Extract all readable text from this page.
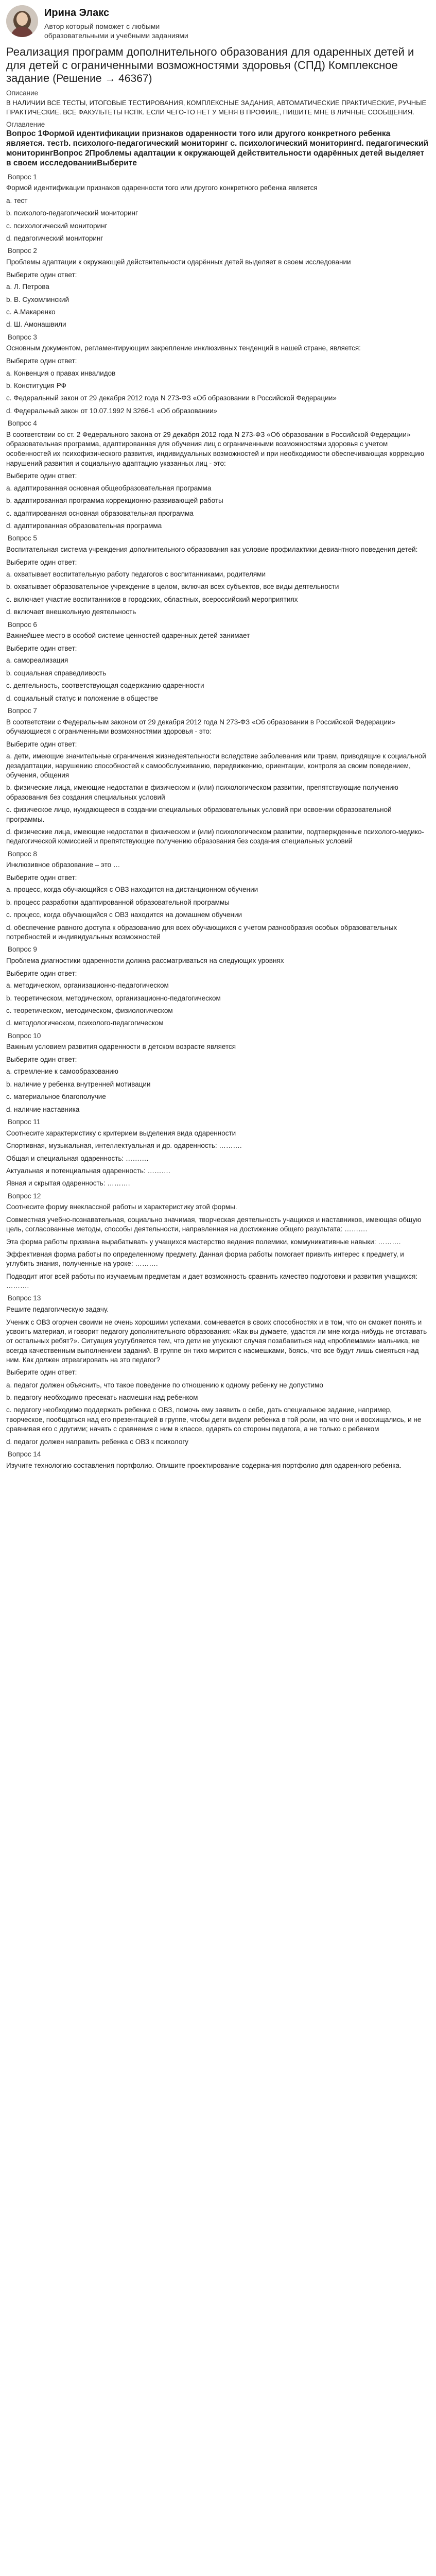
Ирина Элакс
Автор который поможет с любыми образовательными и учебными заданиями
Реализация программ дополнительного образования для одаренных детей и для детей с ограниченными возможностями здоровья (СПД) Комплексное задание (Решение → 46367)
Описание
В НАЛИЧИИ ВСЕ ТЕСТЫ, ИТОГОВЫЕ ТЕСТИРОВАНИЯ, КОМПЛЕКСНЫЕ ЗАДАНИЯ, АВТОМАТИЧЕСКИЕ ПРАКТИЧЕСКИЕ, РУЧНЫЕ ПРАКТИЧЕСКИЕ. ВСЕ ФАКУЛЬТЕТЫ НСПК. ЕСЛИ ЧЕГО-ТО НЕТ У МЕНЯ В ПРОФИЛЕ, ПИШИТЕ МНЕ В ЛИЧНЫЕ СООБЩЕНИЯ.
Оглавление
Вопрос 1Формой идентификации признаков одаренности того или другого конкретного ребенка является. тестb. психолого-педагогический мониторинг c. психологический мониторингd. педагогический мониторингВопрос 2Проблемы адаптации к окружающей действительности одарённых детей выделяет в своем исследованииВыберите
Вопрос 1
Формой идентификации признаков одаренности того или другого конкретного ребенка является
a. тест
b. психолого-педагогический мониторинг
c. психологический мониторинг
d. педагогический мониторинг
Вопрос 2
Проблемы адаптации к окружающей действительности одарённых детей выделяет в своем исследовании
Выберите один ответ:
a. Л. Петрова
b. В. Сухомлинский
c. А.Макаренко
d. Ш. Амонашвили
Вопрос 3
Основным документом, регламентирующим закрепление инклюзивных тенденций в нашей стране, является:
Выберите один ответ:
a. Конвенция о правах инвалидов
b. Конституция РФ
c. Федеральный закон от 29 декабря 2012 года N 273-ФЗ «Об образовании в Российской Федерации»
d. Федеральный закон от 10.07.1992 N 3266-1 «Об образовании»
Вопрос 4
В соответствии со ст. 2 Федерального закона от 29 декабря 2012 года N 273-ФЗ «Об образовании в Российской Федерации» образовательная программа, адаптированная для обучения лиц с ограниченными возможностями здоровья с учетом особенностей их психофизического развития, индивидуальных возможностей и при необходимости обеспечивающая коррекцию нарушений развития и социальную адаптацию указанных лиц - это:
Выберите один ответ:
a. адаптированная основная общеобразовательная программа
b. адаптированная программа коррекционно-развивающей работы
c. адаптированная основная образовательная программа
d. адаптированная образовательная программа
Вопрос 5
Воспитательная система учреждения дополнительного образования как условие профилактики девиантного поведения детей:
Выберите один ответ:
a. охватывает воспитательную работу педагогов с воспитанниками, родителями
b. охватывает образовательное учреждение в целом, включая всех субъектов, все виды деятельности
c. включает участие воспитанников в городских, областных, всероссийский мероприятиях
d. включает внешкольную деятельность
Вопрос 6
Важнейшее место в особой системе ценностей одаренных детей занимает
Выберите один ответ:
a. самореализация
b. социальная справедливость
c. деятельность, соответствующая содержанию одаренности
d. социальный статус и положение в обществе
Вопрос 7
В соответствии с Федеральным законом от 29 декабря 2012 года N 273-ФЗ «Об образовании в Российской Федерации» обучающиеся с ограниченными возможностями здоровья - это:
Выберите один ответ:
a. дети, имеющие значительные ограничения жизнедеятельности вследствие заболевания или травм, приводящие к социальной дезадаптации, нарушению способностей к самообслуживанию, передвижению, ориентации, контроля за своим поведением, обучения, общения
b. физические лица, имеющие недостатки в физическом и (или) психологическом развитии, препятствующие получению образования без создания специальных условий
c. физическое лицо, нуждающееся в создании специальных образовательных условий при освоении образовательной программы.
d. физические лица, имеющие недостатки в физическом и (или) психологическом развитии, подтвержденные психолого-медико-педагогической комиссией и препятствующие получению образования без создания специальных условий
Вопрос 8
Инклюзивное образование – это …
Выберите один ответ:
a. процесс, когда обучающийся с ОВЗ находится на дистанционном обучении
b. процесс разработки адаптированной образовательной программы
c. процесс, когда обучающийся с ОВЗ находится на домашнем обучении
d. обеспечение равного доступа к образованию для всех обучающихся с учетом разнообразия особых образовательных потребностей и индивидуальных возможностей
Вопрос 9
Проблема диагностики одаренности должна рассматриваться на следующих уровнях
Выберите один ответ:
a. методическом, организационно-педагогическом
b. теоретическом, методическом, организационно-педагогическом
c. теоретическом, методическом, физиологическом
d. методологическом, психолого-педагогическом
Вопрос 10
Важным условием развития одаренности в детском возрасте является
Выберите один ответ:
a. стремление к самообразованию
b. наличие у ребенка внутренней мотивации
c. материальное благополучие
d. наличие наставника
Вопрос 11
Соотнесите характеристику с критерием выделения вида одаренности
Спортивная, музыкальная, интеллектуальная и др. одаренность: ……….
Общая и специальная одаренность: ……….
Актуальная и потенциальная одаренность: ……….
Явная и скрытая одаренность: ……….
Вопрос 12
Соотнесите форму внеклассной работы и характеристику этой формы.
Совместная учебно-познавательная, социально значимая, творческая деятельность учащихся и наставников, имеющая общую цель, согласованные методы, способы деятельности, направленная на достижение общего результата: ……….
Эта форма работы призвана вырабатывать у учащихся мастерство ведения полемики, коммуникативные навыки: ……….
Эффективная форма работы по определенному предмету. Данная форма работы помогает привить интерес к предмету, и углубить знания, полученные на уроке: ……….
Подводит итог всей работы по изучаемым предметам и дает возможность сравнить качество подготовки и развития учащихся: ……….
Вопрос 13
Решите педагогическую задачу.
Ученик с ОВЗ огорчен своими не очень хорошими успехами, сомневается в своих способностях и в том, что он сможет понять и усвоить материал, и говорит педагогу дополнительного образования: «Как вы думаете, удастся ли мне когда-нибудь не отставать от остальных ребят?». Ситуация усугубляется тем, что дети не упускают случая позабавиться над «проблемами» мальчика, не всегда качественным выполнением заданий. В группе он тихо мирится с насмешками, боясь, что все будут лишь смеяться над ним. Как должен отреагировать на это педагог?
Выберите один ответ:
a. педагог должен объяснить, что такое поведение по отношению к одному ребенку не допустимо
b. педагогу необходимо пресекать насмешки над ребенком
c. педагогу необходимо поддержать ребенка с ОВЗ, помочь ему заявить о себе, дать специальное задание, например, творческое, пообщаться над его презентацией в группе, чтобы дети видели ребенка в той роли, на что они и восхищались, и не сравнивая его с другими; начать с сравнения с ним в классе, одарять со стороны педагога, а не только с ребенком
d. педагог должен направить ребенка с ОВЗ к психологу
Вопрос 14
Изучите технологию составления портфолио. Опишите проектирование содержания портфолио для одаренного ребенка.
